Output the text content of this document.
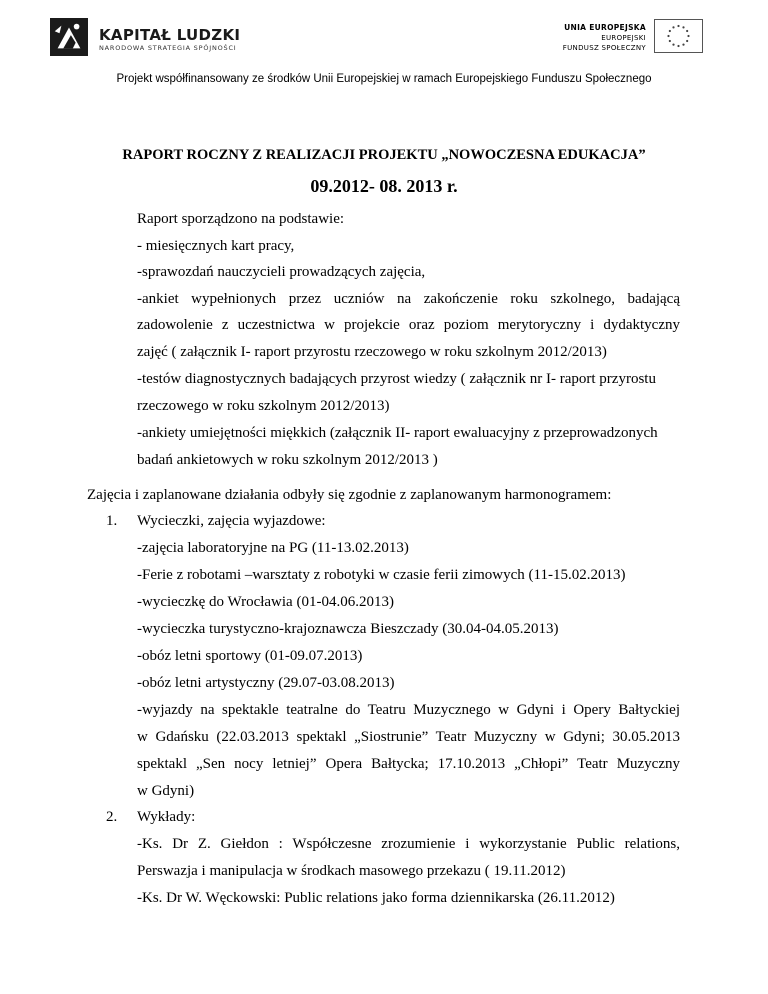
KAPITAŁ LUDZKI
NARODOWA STRATEGIA SPÓJNOŚCI
UNIA EUROPEJSKA
EUROPEJSKI
FUNDUSZ SPOŁECZNY
Projekt współfinansowany ze środków Unii Europejskiej w ramach Europejskiego Funduszu Społecznego
RAPORT ROCZNY Z REALIZACJI PROJEKTU „NOWOCZESNA EDUKACJA”
09.2012- 08. 2013 r.
Raport sporządzono na podstawie:
- miesięcznych kart pracy,
-sprawozdań nauczycieli prowadzących zajęcia,
-ankiet wypełnionych przez uczniów na zakończenie roku szkolnego, badającą
zadowolenie z uczestnictwa w projekcie oraz poziom merytoryczny i dydaktyczny
zajęć ( załącznik I- raport przyrostu rzeczowego w roku szkolnym 2012/2013)
-testów diagnostycznych badających przyrost wiedzy ( załącznik nr I- raport przyrostu
rzeczowego w roku szkolnym 2012/2013)
-ankiety umiejętności miękkich (załącznik II- raport ewaluacyjny z przeprowadzonych
badań ankietowych w roku szkolnym 2012/2013 )
Zajęcia i zaplanowane działania odbyły się zgodnie z zaplanowanym harmonogramem:
1. Wycieczki, zajęcia wyjazdowe:
-zajęcia laboratoryjne na PG (11-13.02.2013)
-Ferie z robotami –warsztaty z robotyki w czasie ferii zimowych (11-15.02.2013)
-wycieczkę do Wrocławia (01-04.06.2013)
-wycieczka turystyczno-krajoznawcza Bieszczady (30.04-04.05.2013)
-obóz letni sportowy (01-09.07.2013)
-obóz letni artystyczny (29.07-03.08.2013)
-wyjazdy na spektakle teatralne do Teatru Muzycznego w Gdyni i Opery Bałtyckiej
w Gdańsku (22.03.2013 spektakl „Siostrunie” Teatr Muzyczny w Gdyni; 30.05.2013
spektakl „Sen nocy letniej” Opera Bałtycka; 17.10.2013 „Chłopi” Teatr Muzyczny
w Gdyni)
2. Wykłady:
-Ks. Dr Z. Giełdon : Współczesne zrozumienie i wykorzystanie Public relations,
Perswazja i manipulacja w środkach masowego przekazu ( 19.11.2012)
-Ks. Dr W. Węckowski: Public relations jako forma dziennikarska (26.11.2012)
